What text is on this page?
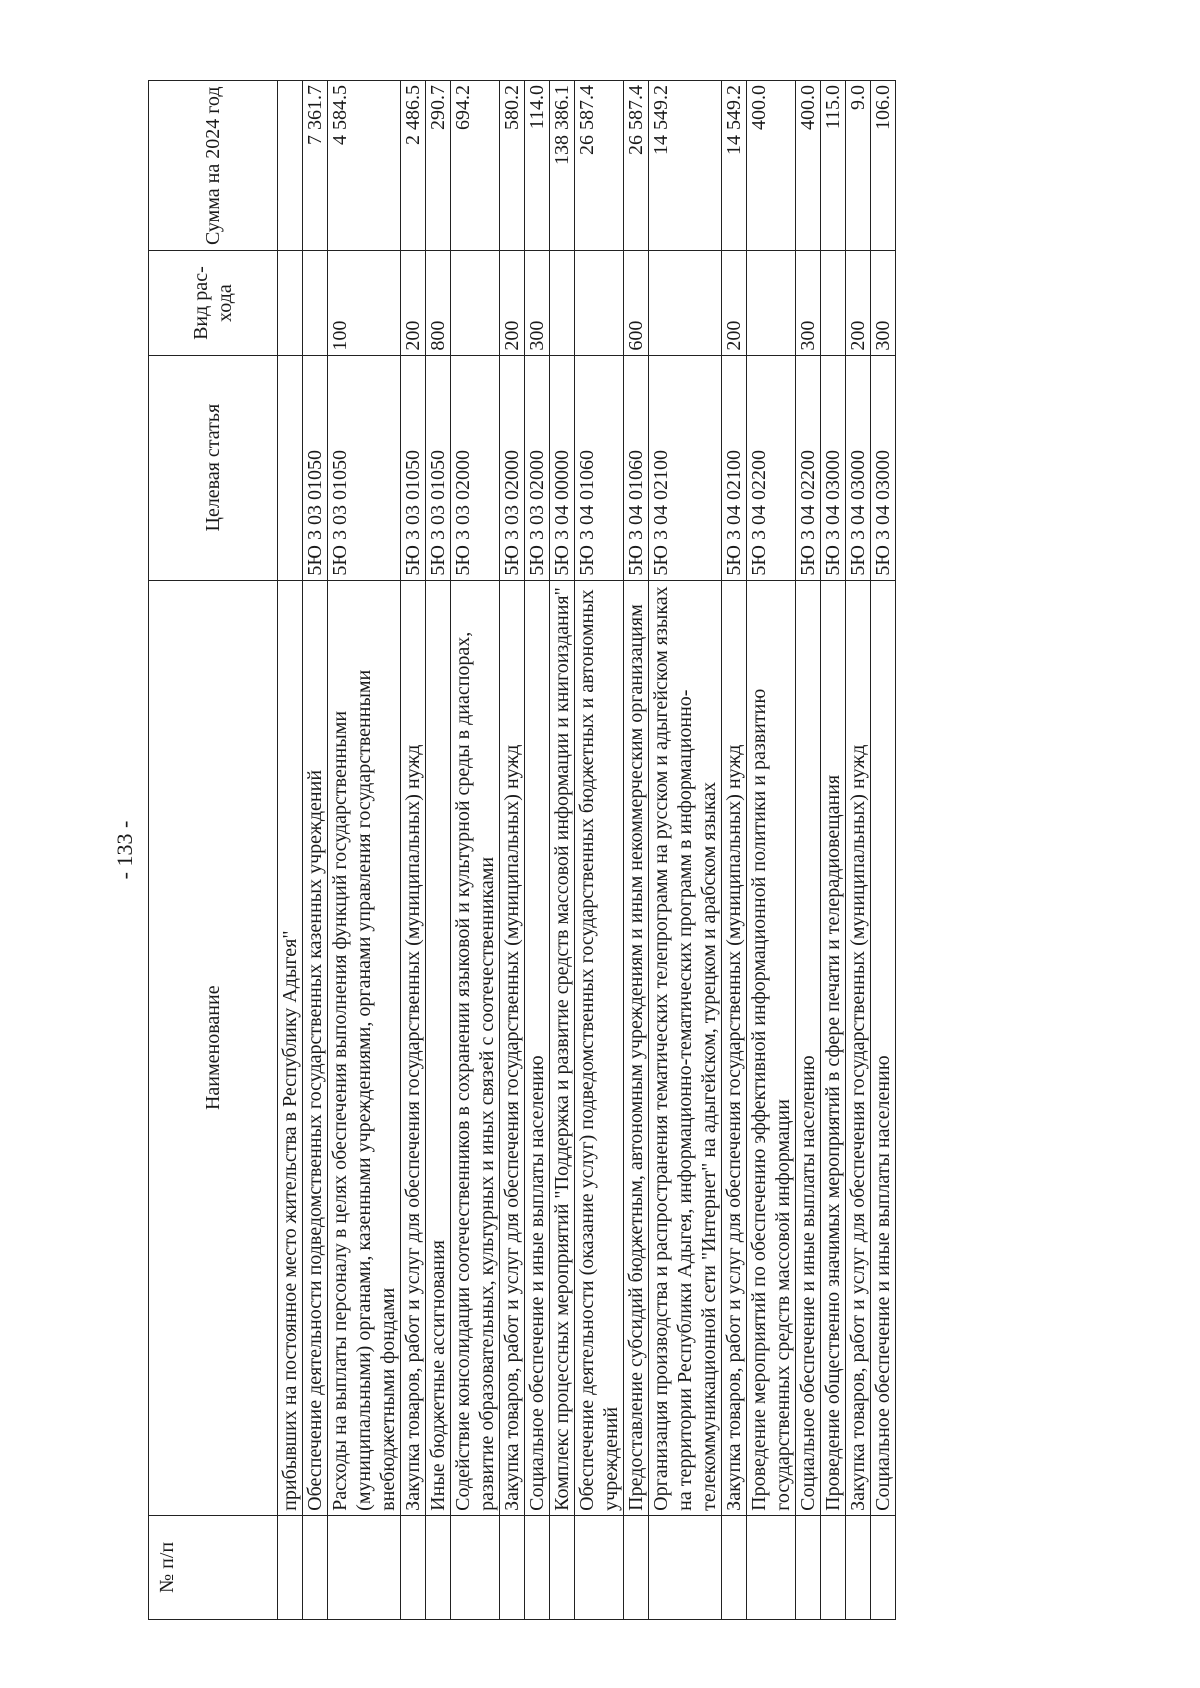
- 133 -
№ п/п	Наименование	Целевая статья	Вид рас- хода	Сумма на 2024 год
	прибывших на постоянное место жительства в Республику Адыгея"			
	Обеспечение деятельности подведомственных государственных казенных учреждений	5Ю 3 03 01050		7 361.7
	Расходы на выплаты персоналу в целях обеспечения выполнения функций государственными (муниципальными) органами, казенными учреждениями, органами управления государственными внебюджетными фондами	5Ю 3 03 01050	100	4 584.5
	Закупка товаров, работ и услуг для обеспечения государственных (муниципальных) нужд	5Ю 3 03 01050	200	2 486.5
	Иные бюджетные ассигнования	5Ю 3 03 01050	800	290.7
	Содействие консолидации соотечественников в сохранении языковой и культурной среды в диаспорах, развитие образовательных, культурных и иных связей с соотечественниками	5Ю 3 03 02000		694.2
	Закупка товаров, работ и услуг для обеспечения государственных (муниципальных) нужд	5Ю 3 03 02000	200	580.2
	Социальное обеспечение и иные выплаты населению	5Ю 3 03 02000	300	114.0
	Комплекс процессных мероприятий "Поддержка и развитие средств массовой информации и книгоиздания"	5Ю 3 04 00000		138 386.1
	Обеспечение деятельности (оказание услуг) подведомственных государственных бюджетных и автономных учреждений	5Ю 3 04 01060		26 587.4
	Предоставление субсидий бюджетным, автономным учреждениям и иным некоммерческим организациям	5Ю 3 04 01060	600	26 587.4
	Организация производства и распространения тематических телепрограмм на русском и адыгейском языках на территории Республики Адыгея, информационно-тематических программ в информационно-телекоммуникационной сети "Интернет" на адыгейском, турецком и арабском языках	5Ю 3 04 02100		14 549.2
	Закупка товаров, работ и услуг для обеспечения государственных (муниципальных) нужд	5Ю 3 04 02100	200	14 549.2
	Проведение мероприятий по обеспечению эффективной информационной политики и развитию государственных средств массовой информации	5Ю 3 04 02200		400.0
	Социальное обеспечение и иные выплаты населению	5Ю 3 04 02200	300	400.0
	Проведение общественно значимых мероприятий в сфере печати и телерадиовещания	5Ю 3 04 03000		115.0
	Закупка товаров, работ и услуг для обеспечения государственных (муниципальных) нужд	5Ю 3 04 03000	200	9.0
	Социальное обеспечение и иные выплаты населению	5Ю 3 04 03000	300	106.0
